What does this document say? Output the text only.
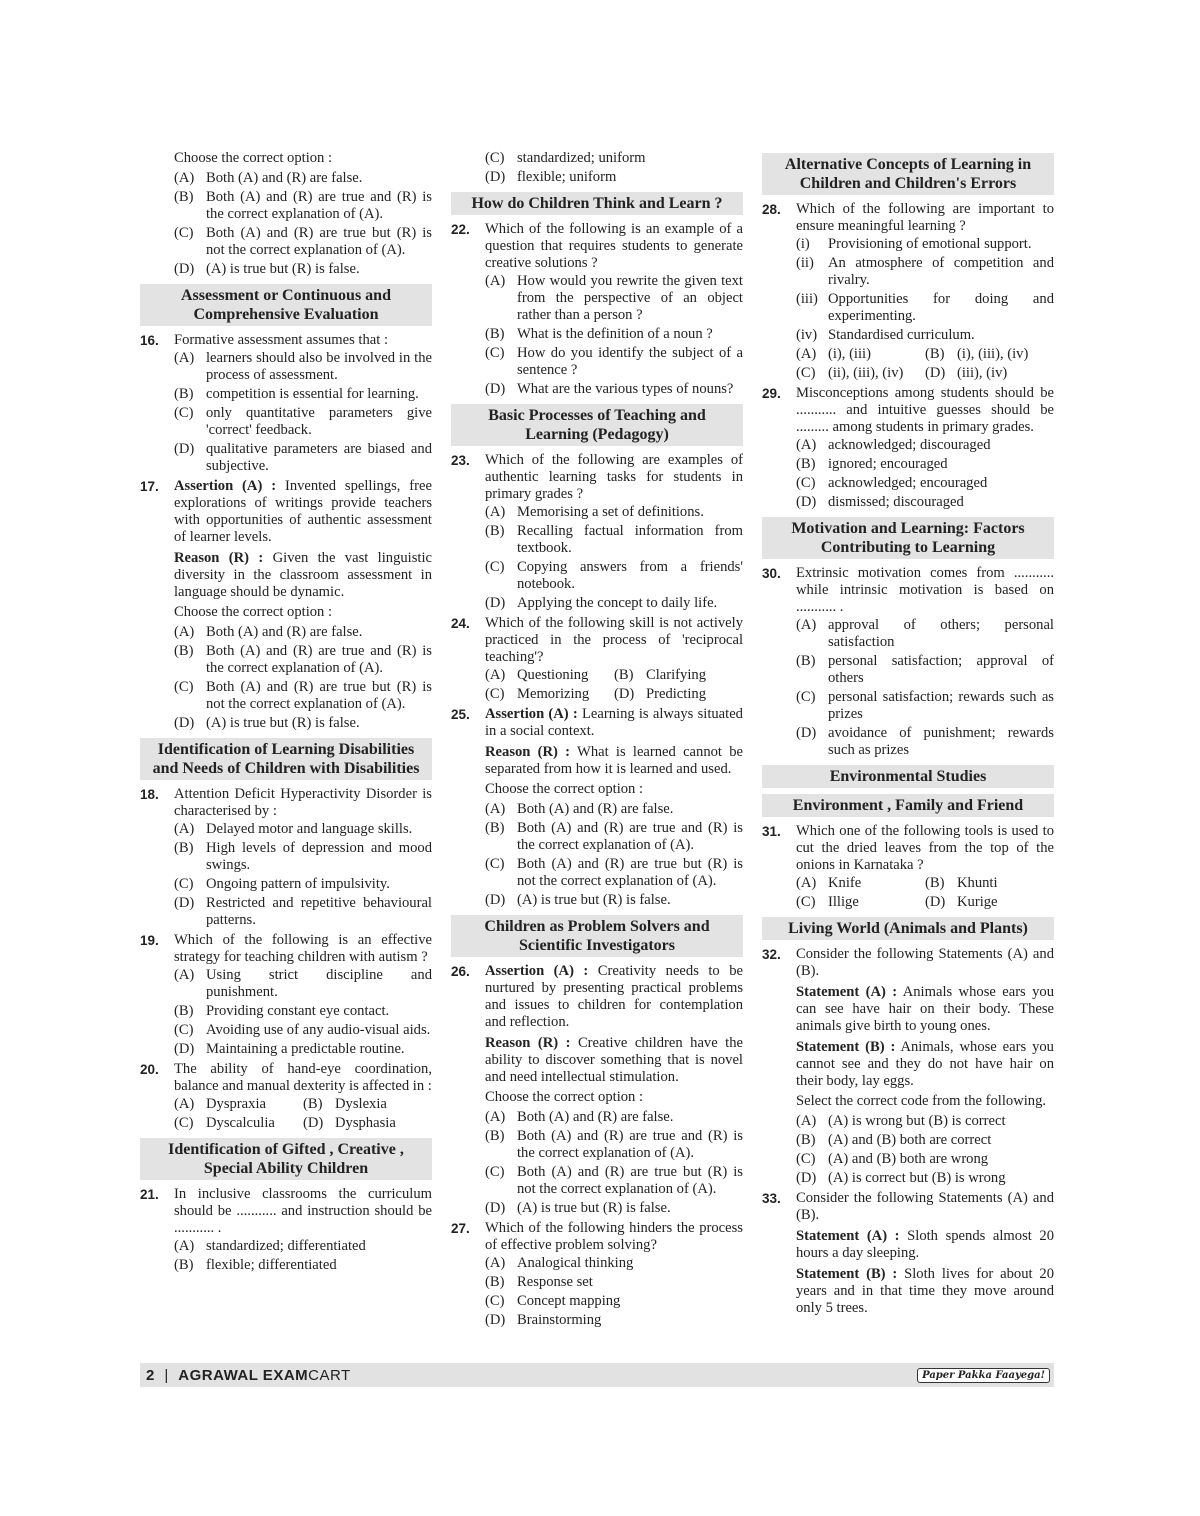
Choose the correct option :
(A) Both (A) and (R) are false.
(B) Both (A) and (R) are true and (R) is the correct explanation of (A).
(C) Both (A) and (R) are true but (R) is not the correct explanation of (A).
(D) (A) is true but (R) is false.
Assessment or Continuous and Comprehensive Evaluation
16.	Formative assessment assumes that :
(A) learners should also be involved in the process of assessment.
(B) competition is essential for learning.
(C) only quantitative parameters give 'correct' feedback.
(D) qualitative parameters are biased and subjective.
17.	Assertion (A) : Invented spellings, free explorations of writings provide teachers with opportunities of authentic assessment of learner levels.
Reason (R) : Given the vast linguistic diversity in the classroom assessment in language should be dynamic.
Choose the correct option :
(A) Both (A) and (R) are false.
(B) Both (A) and (R) are true and (R) is the correct explanation of (A).
(C) Both (A) and (R) are true but (R) is not the correct explanation of (A).
(D) (A) is true but (R) is false.
Identification of Learning Disabilities and Needs of Children with Disabilities
18.	Attention Deficit Hyperactivity Disorder is characterised by :
(A) Delayed motor and language skills.
(B) High levels of depression and mood swings.
(C) Ongoing pattern of impulsivity.
(D) Restricted and repetitive behavioural patterns.
19.	Which of the following is an effective strategy for teaching children with autism ?
(A) Using strict discipline and punishment.
(B) Providing constant eye contact.
(C) Avoiding use of any audio-visual aids.
(D) Maintaining a predictable routine.
20.	The ability of hand-eye coordination, balance and manual dexterity is affected in :
(A) Dyspraxia	(B) Dyslexia
(C) Dyscalculia (D) Dysphasia
Identification of Gifted , Creative , Special Ability Children
21.	In inclusive classrooms the curriculum should be ........... and instruction should be ........... .
(A) standardized; differentiated
(B) flexible; differentiated
(C) standardized; uniform
(D) flexible; uniform
How do Children Think and Learn ?
22.	Which of the following is an example of a question that requires students to generate creative solutions ?
(A) How would you rewrite the given text from the perspective of an object rather than a person ?
(B) What is the definition of a noun ?
(C) How do you identify the subject of a sentence ?
(D) What are the various types of nouns?
Basic Processes of Teaching and Learning (Pedagogy)
23.	Which of the following are examples of authentic learning tasks for students in primary grades ?
(A) Memorising a set of definitions.
(B) Recalling factual information from textbook.
(C) Copying answers from a friends' notebook.
(D) Applying the concept to daily life.
24.	Which of the following skill is not actively practiced in the process of 'reciprocal teaching'?
(A) Questioning (B) Clarifying
(C) Memorizing (D) Predicting
25.	Assertion (A) : Learning is always situated in a social context.
Reason (R) : What is learned cannot be separated from how it is learned and used.
Choose the correct option :
(A) Both (A) and (R) are false.
(B) Both (A) and (R) are true and (R) is the correct explanation of (A).
(C) Both (A) and (R) are true but (R) is not the correct explanation of (A).
(D) (A) is true but (R) is false.
Children as Problem Solvers and Scientific Investigators
26.	Assertion (A) : Creativity needs to be nurtured by presenting practical problems and issues to children for contemplation and reflection.
Reason (R) : Creative children have the ability to discover something that is novel and need intellectual stimulation.
Choose the correct option :
(A) Both (A) and (R) are false.
(B) Both (A) and (R) are true and (R) is the correct explanation of (A).
(C) Both (A) and (R) are true but (R) is not the correct explanation of (A).
(D) (A) is true but (R) is false.
27.	Which of the following hinders the process of effective problem solving?
(A) Analogical thinking
(B) Response set
(C) Concept mapping
(D) Brainstorming
Alternative Concepts of Learning in Children and Children's Errors
28.	Which of the following are important to ensure meaningful learning ?
(i)	Provisioning of emotional support.
(ii) An atmosphere of competition and rivalry.
(iii) Opportunities for doing and experimenting.
(iv) Standardised curriculum.
(A) (i), (iii)	(B) (i), (iii), (iv)
(C) (ii), (iii), (iv) (D) (iii), (iv)
29.	Misconceptions among students should be ........... and intuitive guesses should be ......... among students in primary grades.
(A) acknowledged; discouraged
(B) ignored; encouraged
(C) acknowledged; encouraged
(D) dismissed; discouraged
Motivation and Learning: Factors Contributing to Learning
30.	Extrinsic motivation comes from ........... while intrinsic motivation is based on ........... .
(A) approval of others; personal satisfaction
(B) personal satisfaction; approval of others
(C) personal satisfaction; rewards such as prizes
(D) avoidance of punishment; rewards such as prizes
Environmental Studies
Environment , Family and Friend
31.	Which one of the following tools is used to cut the dried leaves from the top of the onions in Karnataka ?
(A) Knife	(B) Khunti
(C) Illige	(D) Kurige
Living World (Animals and Plants)
32.	Consider the following Statements (A) and (B).
Statement (A) : Animals whose ears you can see have hair on their body. These animals give birth to young ones.
Statement (B) : Animals, whose ears you cannot see and they do not have hair on their body, lay eggs.
Select the correct code from the following.
(A) (A) is wrong but (B) is correct
(B) (A) and (B) both are correct
(C) (A) and (B) both are wrong
(D) (A) is correct but (B) is wrong
33.	Consider the following Statements (A) and (B).
Statement (A) : Sloth spends almost 20 hours a day sleeping.
Statement (B) : Sloth lives for about 20 years and in that time they move around only 5 trees.
2 | AGRAWAL EXAMCART	Paper Pakka Faayega!
